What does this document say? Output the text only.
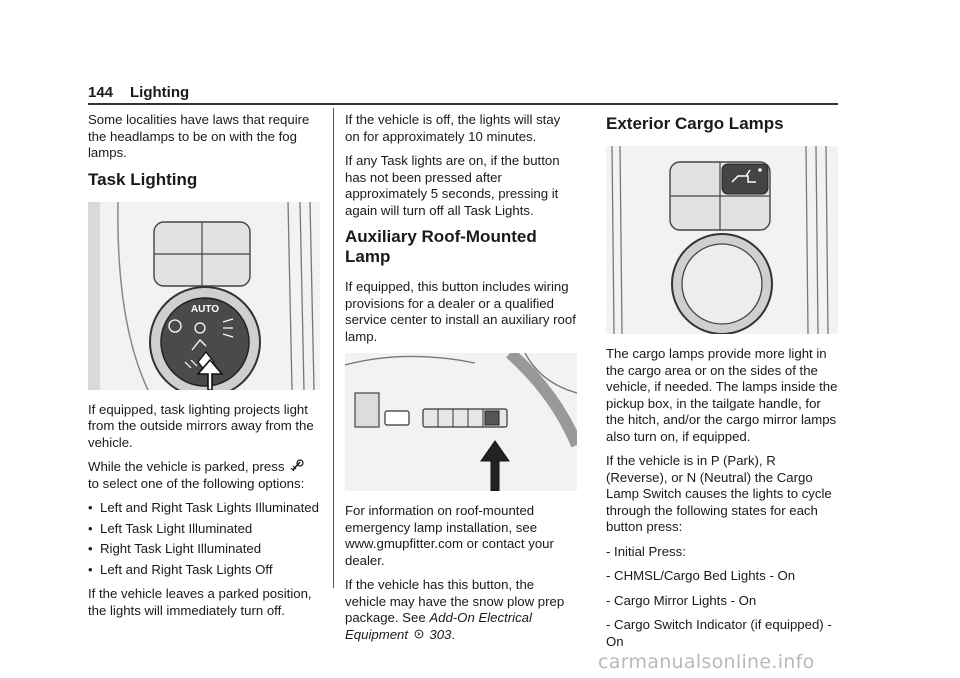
144 Lighting

Some localities have laws that require the headlamps to be on with the fog lamps.

Task Lighting
AUTO

If equipped, task lighting projects light from the outside mirrors away from the vehicle.

While the vehicle is parked, press  to select one of the following options:

• Left and Right Task Lights Illuminated
• Left Task Light Illuminated
• Right Task Light Illuminated
• Left and Right Task Lights Off

If the vehicle leaves a parked position, the lights will immediately turn off.

If the vehicle is off, the lights will stay on for approximately 10 minutes.

If any Task lights are on, if the button has not been pressed after approximately 5 seconds, pressing it again will turn off all Task Lights.

Auxiliary Roof-Mounted Lamp

If equipped, this button includes wiring provisions for a dealer or a qualified service center to install an auxiliary roof lamp.

For information on roof-mounted emergency lamp installation, see www.gmupfitter.com or contact your dealer.

If the vehicle has this button, the vehicle may have the snow plow prep package. See Add-On Electrical Equipment 303.

Exterior Cargo Lamps

The cargo lamps provide more light in the cargo area or on the sides of the vehicle, if needed. The lamps inside the pickup box, in the tailgate handle, for the hitch, and/or the cargo mirror lamps also turn on, if equipped.

If the vehicle is in P (Park), R (Reverse), or N (Neutral) the Cargo Lamp Switch causes the lights to cycle through the following states for each button press:

- Initial Press:

- CHMSL/Cargo Bed Lights - On

- Cargo Mirror Lights - On

- Cargo Switch Indicator (if equipped) - On

carmanualsonline.info
